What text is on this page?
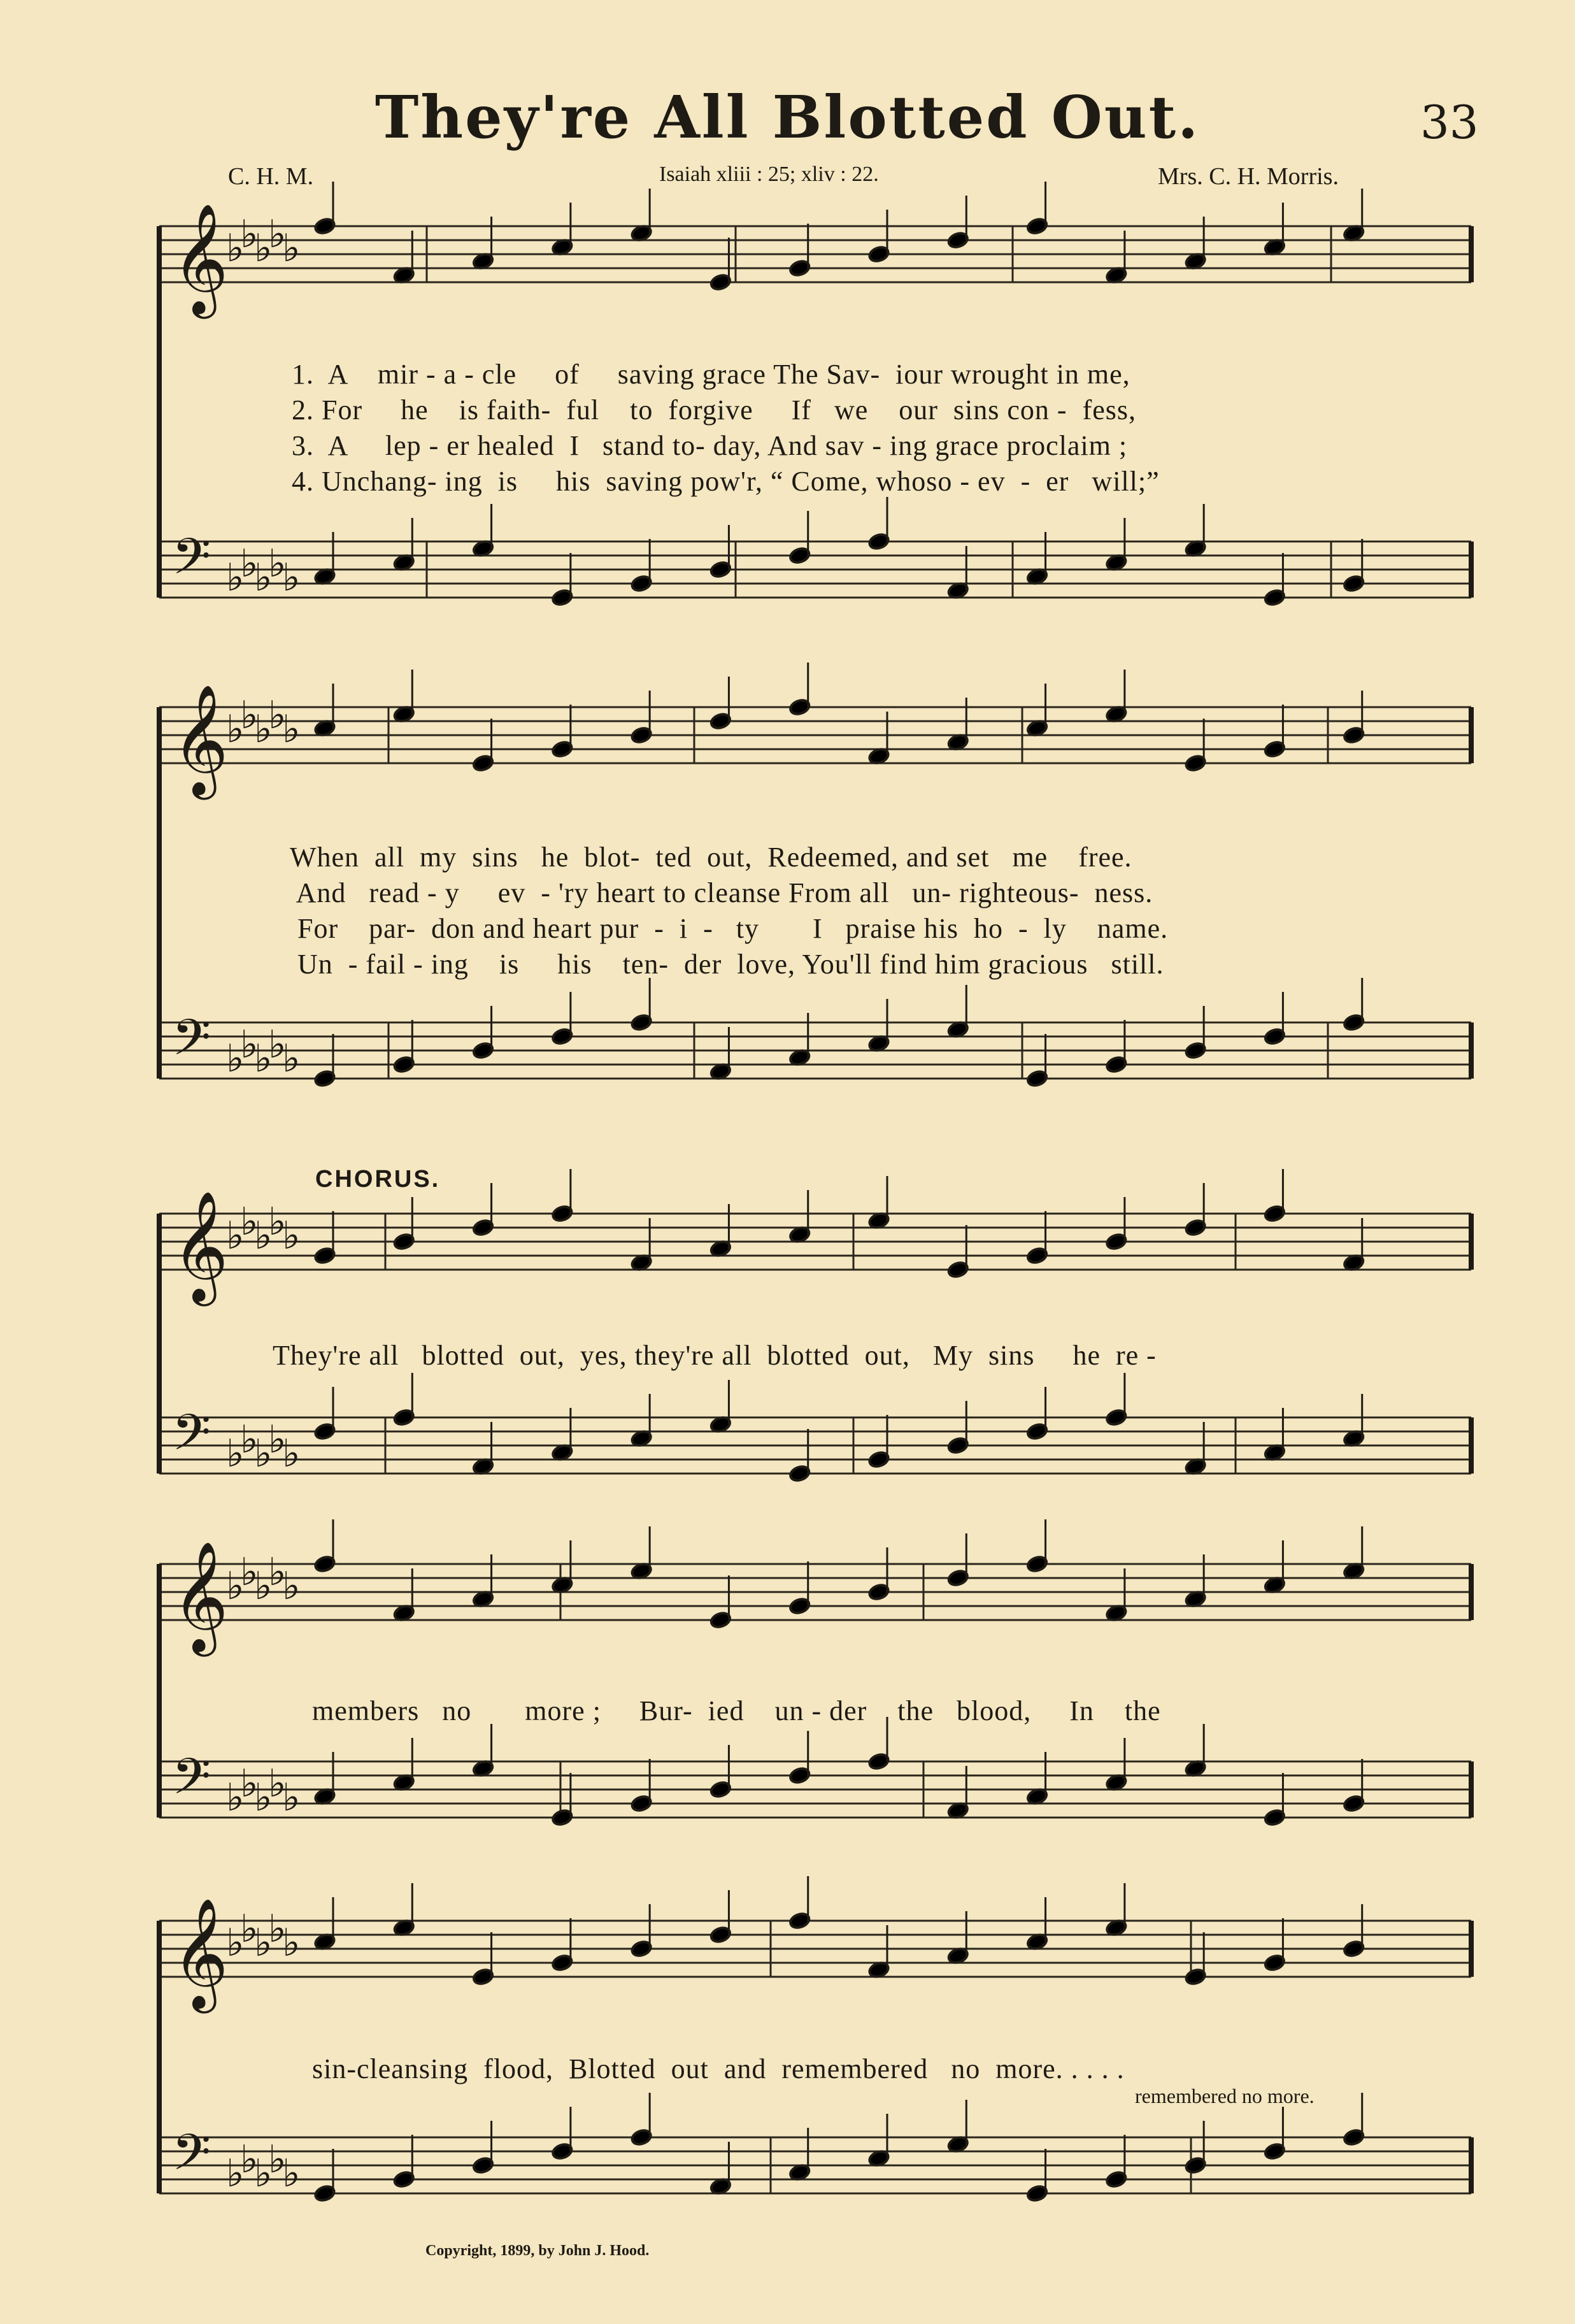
They're All Blotted Out.	33
C. H. M.	Isaiah xliii : 25; xliv : 22.	Mrs. C. H. Morris.
𝄞
♭
♭
♭
♭
♭
𝄢 ♭
♭
♭
♭
♭
𝄞
♭
♭
♭
♭
♭
𝄢 ♭
♭
♭
♭
♭
𝄞
♭
♭
♭
♭
♭
𝄢 ♭
♭
♭
♭
♭
𝄞
♭
♭
♭
♭
♭
𝄢 ♭
♭
♭
♭
♭
𝄞
♭
♭
♭
♭
♭
𝄢 ♭
♭
♭
♭
♭
1.  A    mir - a - cle     of     saving grace The Sav-  iour wrought in me,
2. For     he    is faith-  ful    to  forgive     If   we    our  sins con -  fess,
3.  A     lep - er healed  I   stand to- day, And sav - ing grace proclaim ;
4. Unchang- ing  is     his  saving pow'r, “ Come, whoso - ev  -  er   will;”
When  all  my  sins   he  blot-  ted  out,  Redeemed, and set   me    free.
And   read - y     ev  - 'ry heart to cleanse From all   un- righteous-  ness.
For    par-  don and heart pur  -  i  -   ty       I   praise his  ho  -  ly    name.
Un  - fail - ing    is     his    ten-  der  love, You'll find him gracious   still.
CHORUS.
They're all   blotted  out,  yes, they're all  blotted  out,   My  sins     he  re -
members   no       more ;     Bur-  ied    un - der    the   blood,     In    the
sin-cleansing  flood,  Blotted  out  and  remembered   no  more. . . . .
remembered no more.
Copyright, 1899, by John J. Hood.
